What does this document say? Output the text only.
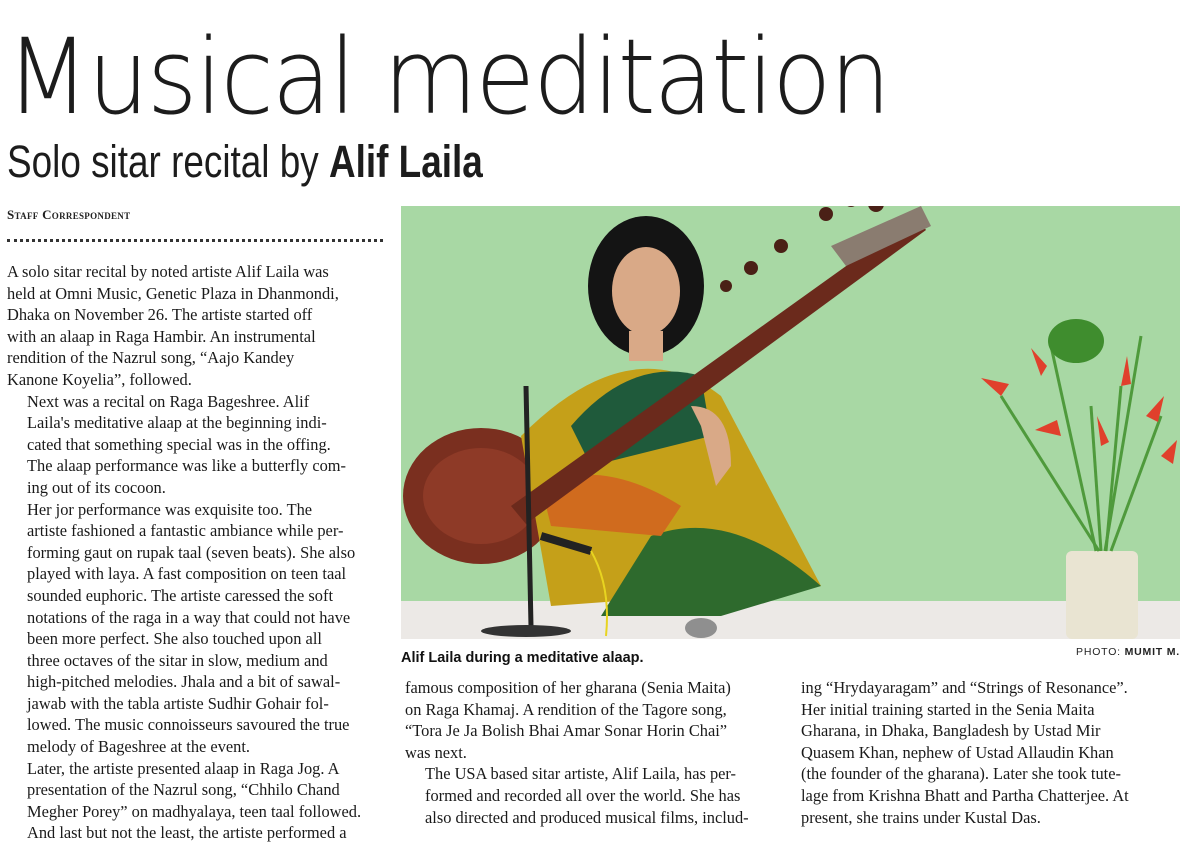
Musical meditation
Solo sitar recital by Alif Laila
Staff Correspondent

A solo sitar recital by noted artiste Alif Laila was
held at Omni Music, Genetic Plaza in Dhanmondi,
Dhaka on November 26. The artiste started off
with an alaap in Raga Hambir. An instrumental
rendition of the Nazrul song, “Aajo Kandey
Kanone Koyelia”, followed.

Next was a recital on Raga Bageshree. Alif
Laila's meditative alaap at the beginning indi-
cated that something special was in the offing.
The alaap performance was like a butterfly com-
ing out of its cocoon.

Her jor performance was exquisite too. The
artiste fashioned a fantastic ambiance while per-
forming gaut on rupak taal (seven beats). She also
played with laya. A fast composition on teen taal
sounded euphoric. The artiste caressed the soft
notations of the raga in a way that could not have
been more perfect. She also touched upon all
three octaves of the sitar in slow, medium and
high-pitched melodies. Jhala and a bit of sawal-
jawab with the tabla artiste Sudhir Gohair fol-
lowed. The music connoisseurs savoured the true
melody of Bageshree at the event.

Later, the artiste presented alaap in Raga Jog. A
presentation of the Nazrul song, “Chhilo Chand
Megher Porey” on madhyalaya, teen taal followed.
And last but not the least, the artiste performed a

Alif Laila during a meditative alaap.	PHOTO: MUMIT M.

famous composition of her gharana (Senia Maita)
on Raga Khamaj. A rendition of the Tagore song,
“Tora Je Ja Bolish Bhai Amar Sonar Horin Chai”
was next.

The USA based sitar artiste, Alif Laila, has per-
formed and recorded all over the world. She has
also directed and produced musical films, includ-

ing “Hrydayaragam” and “Strings of Resonance”.
Her initial training started in the Senia Maita
Gharana, in Dhaka, Bangladesh by Ustad Mir
Quasem Khan, nephew of Ustad Allaudin Khan
(the founder of the gharana). Later she took tute-
lage from Krishna Bhatt and Partha Chatterjee. At
present, she trains under Kustal Das.
